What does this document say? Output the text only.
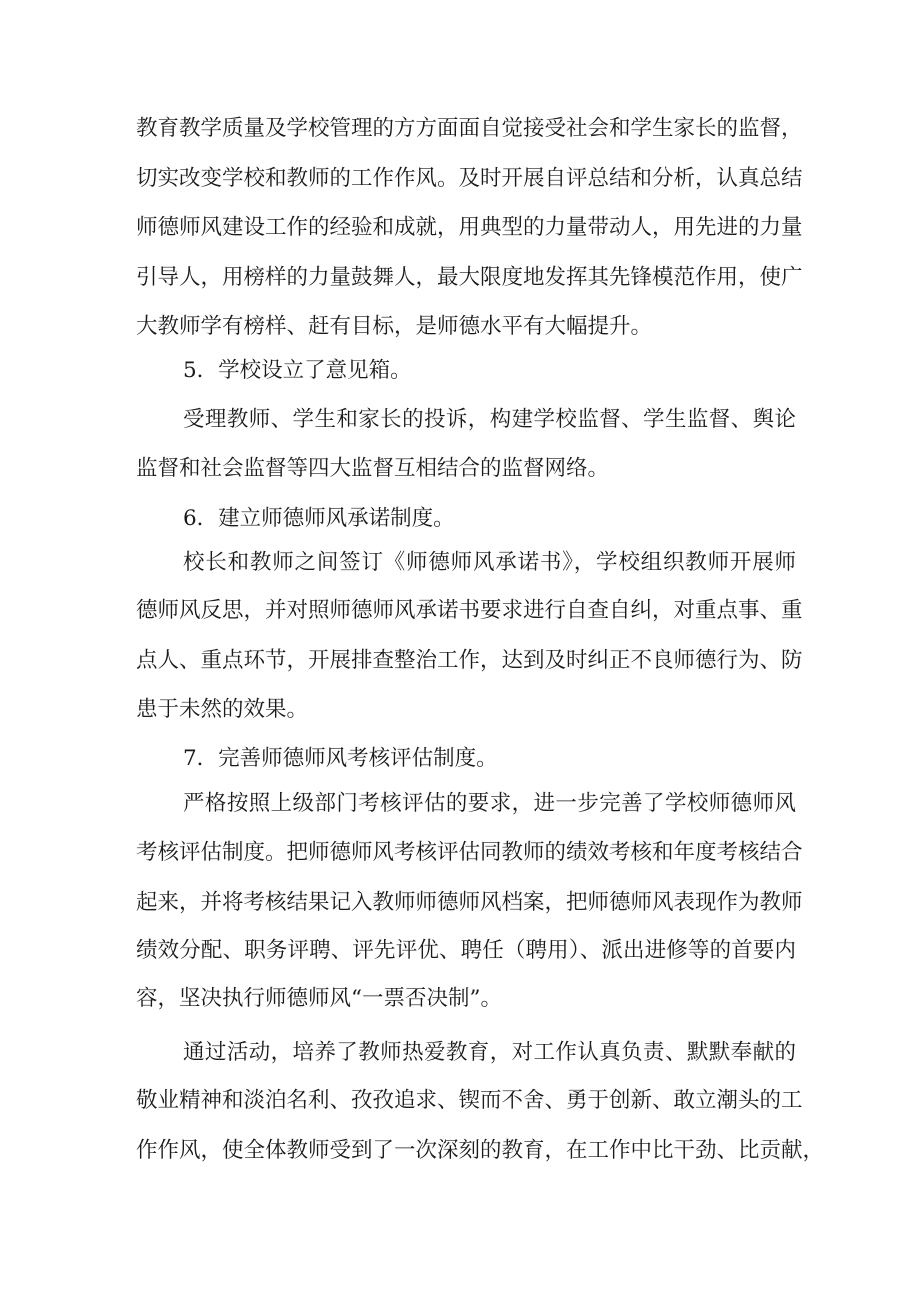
教育教学质量及学校管理的方方面面自觉接受社会和学生家长的监督，
切实改变学校和教师的工作作风。及时开展自评总结和分析，认真总结
师德师风建设工作的经验和成就，用典型的力量带动人，用先进的力量
引导人，用榜样的力量鼓舞人，最大限度地发挥其先锋模范作用，使广
大教师学有榜样、赶有目标，是师德水平有大幅提升。
5．学校设立了意见箱。
受理教师、学生和家长的投诉，构建学校监督、学生监督、舆论
监督和社会监督等四大监督互相结合的监督网络。
6．建立师德师风承诺制度。
校长和教师之间签订《师德师风承诺书》，学校组织教师开展师
德师风反思，并对照师德师风承诺书要求进行自查自纠，对重点事、重
点人、重点环节，开展排查整治工作，达到及时纠正不良师德行为、防
患于未然的效果。
7．完善师德师风考核评估制度。
严格按照上级部门考核评估的要求，进一步完善了学校师德师风
考核评估制度。把师德师风考核评估同教师的绩效考核和年度考核结合
起来，并将考核结果记入教师师德师风档案，把师德师风表现作为教师
绩效分配、职务评聘、评先评优、聘任（聘用）、派出进修等的首要内
容，坚决执行师德师风“一票否决制”。
通过活动，培养了教师热爱教育，对工作认真负责、默默奉献的
敬业精神和淡泊名利、孜孜追求、锲而不舍、勇于创新、敢立潮头的工
作作风，使全体教师受到了一次深刻的教育，在工作中比干劲、比贡献，
